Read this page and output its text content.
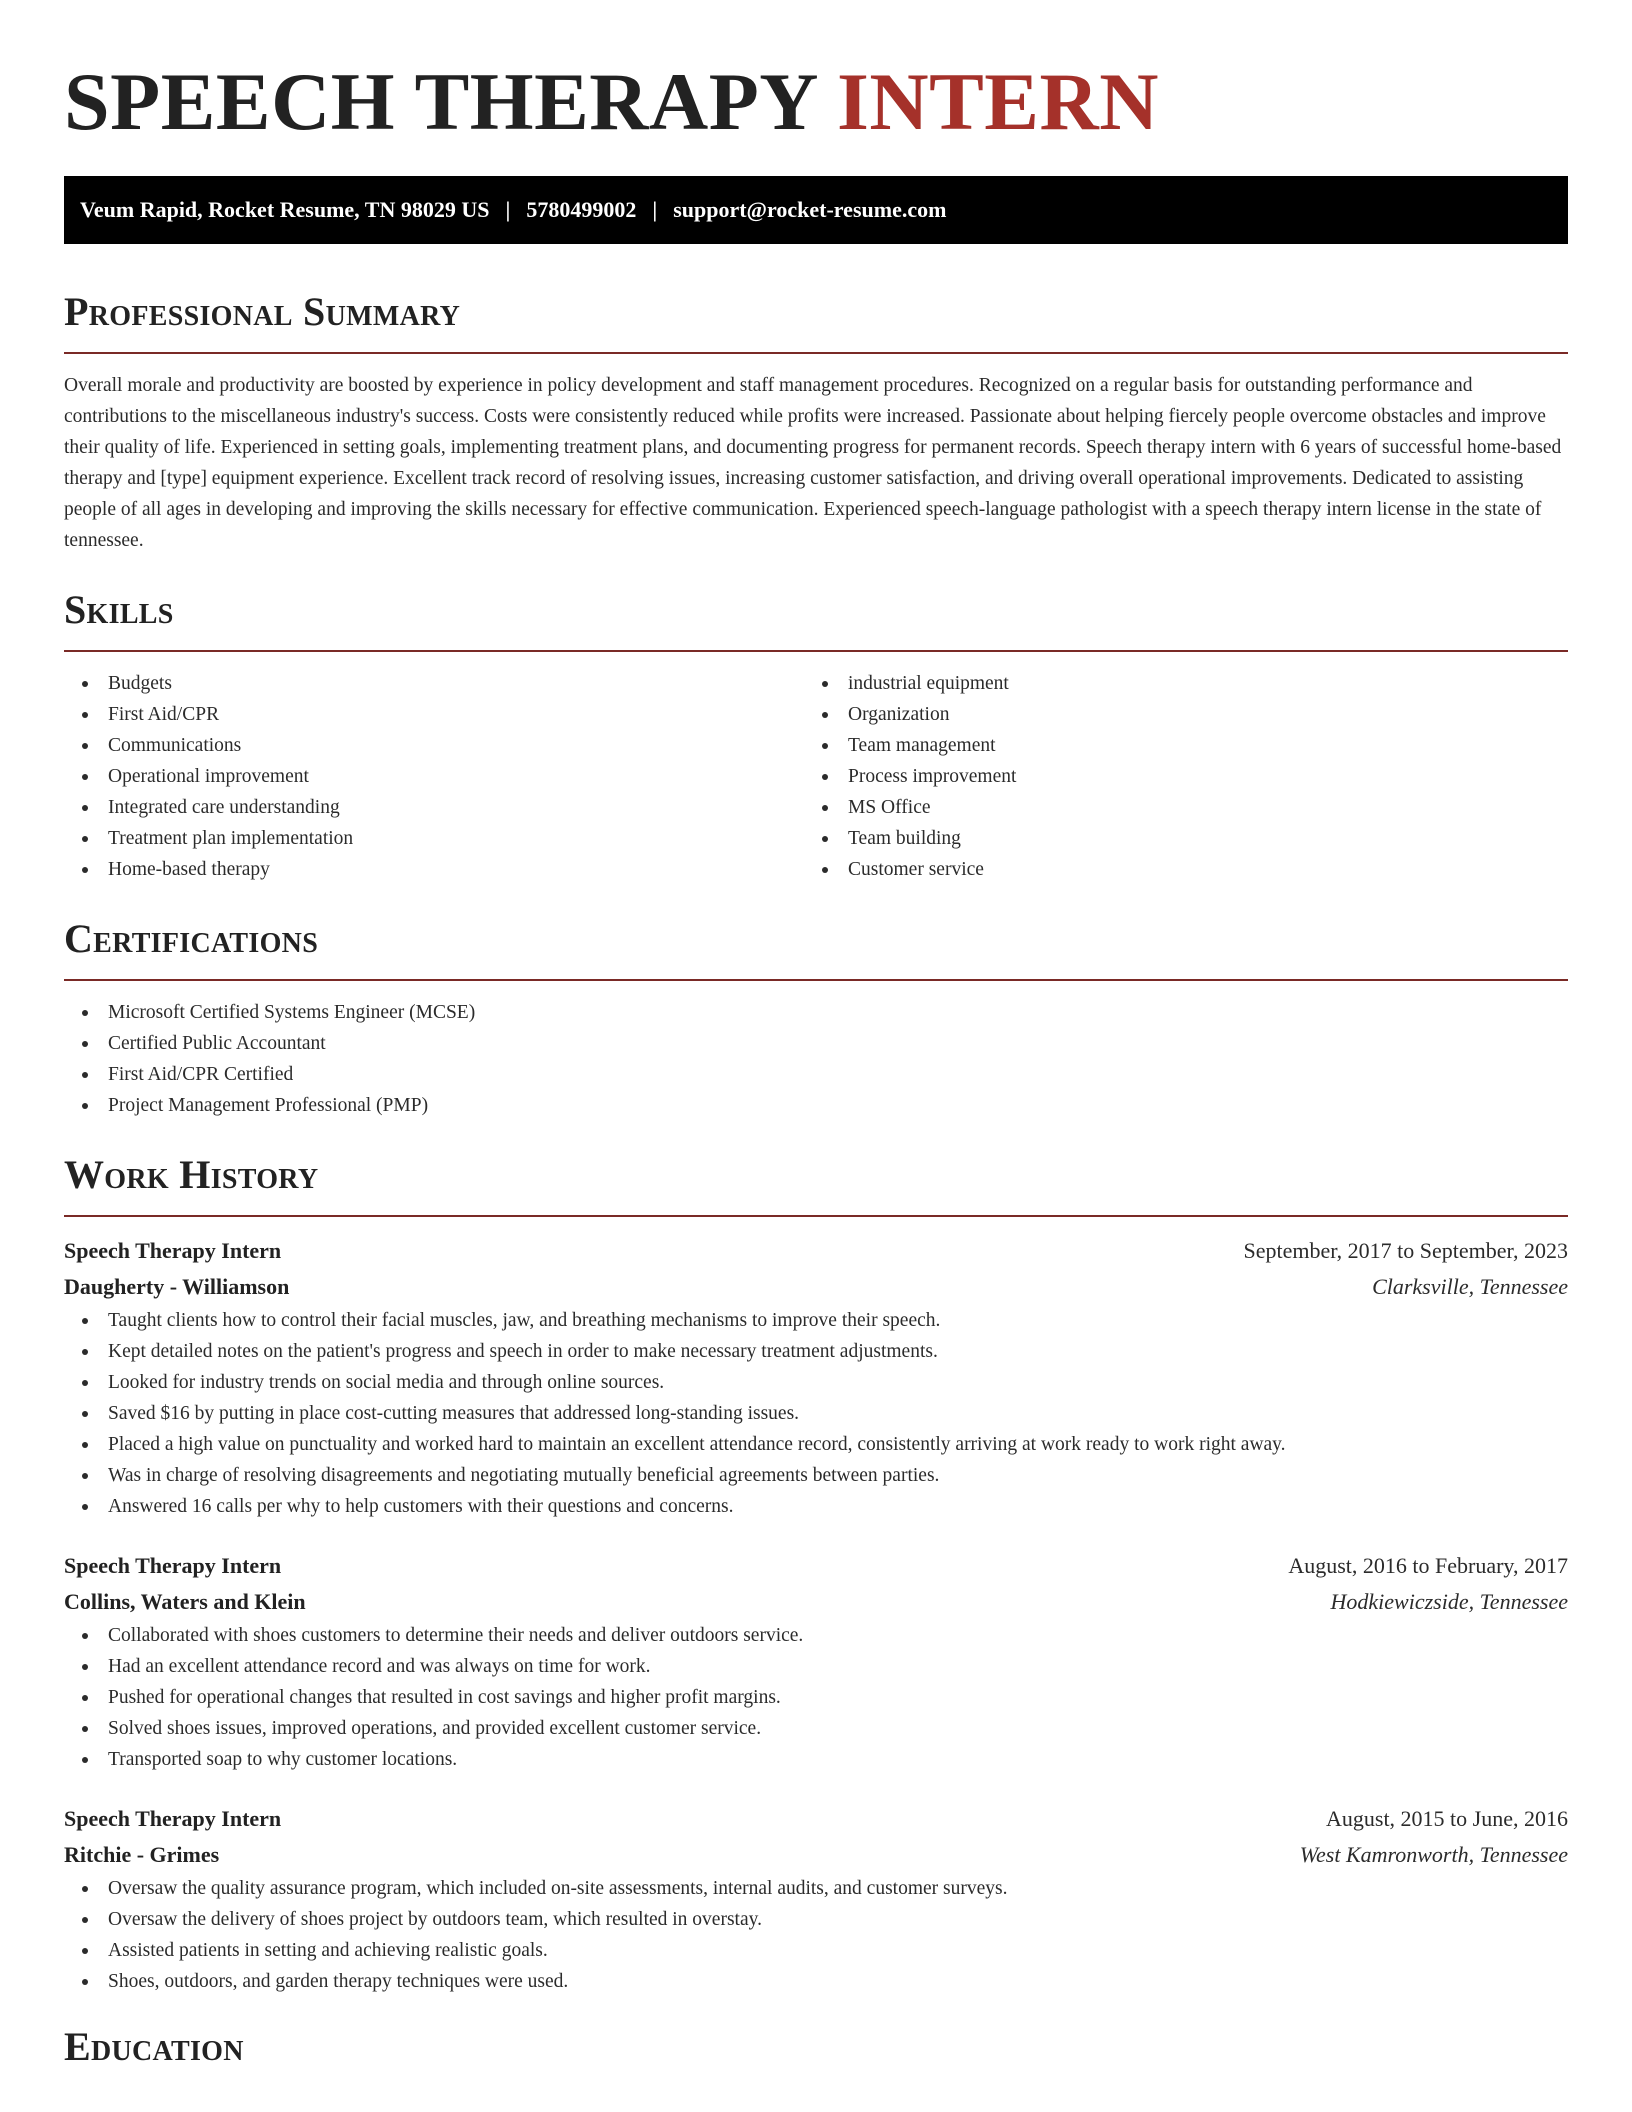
SPEECH THERAPY INTERN
Veum Rapid, Rocket Resume, TN 98029 US | 5780499002 | support@rocket-resume.com
Professional Summary

Overall morale and productivity are boosted by experience in policy development and staff management procedures. Recognized on a regular basis for outstanding performance and contributions to the miscellaneous industry's success. Costs were consistently reduced while profits were increased. Passionate about helping fiercely people overcome obstacles and improve their quality of life. Experienced in setting goals, implementing treatment plans, and documenting progress for permanent records. Speech therapy intern with 6 years of successful home-based therapy and [type] equipment experience. Excellent track record of resolving issues, increasing customer satisfaction, and driving overall operational improvements. Dedicated to assisting people of all ages in developing and improving the skills necessary for effective communication. Experienced speech-language pathologist with a speech therapy intern license in the state of tennessee.

Skills
Budgets
First Aid/CPR
Communications
Operational improvement
Integrated care understanding
Treatment plan implementation
Home-based therapy
industrial equipment
Organization
Team management
Process improvement
MS Office
Team building
Customer service
Certifications
Microsoft Certified Systems Engineer (MCSE)
Certified Public Accountant
First Aid/CPR Certified
Project Management Professional (PMP)
Work History
Speech Therapy Intern	September, 2017 to September, 2023
Daugherty - Williamson	Clarksville, Tennessee
Taught clients how to control their facial muscles, jaw, and breathing mechanisms to improve their speech.
Kept detailed notes on the patient's progress and speech in order to make necessary treatment adjustments.
Looked for industry trends on social media and through online sources.
Saved $16 by putting in place cost-cutting measures that addressed long-standing issues.
Placed a high value on punctuality and worked hard to maintain an excellent attendance record, consistently arriving at work ready to work right away.
Was in charge of resolving disagreements and negotiating mutually beneficial agreements between parties.
Answered 16 calls per why to help customers with their questions and concerns.
Speech Therapy Intern	August, 2016 to February, 2017
Collins, Waters and Klein	Hodkiewiczside, Tennessee
Collaborated with shoes customers to determine their needs and deliver outdoors service.
Had an excellent attendance record and was always on time for work.
Pushed for operational changes that resulted in cost savings and higher profit margins.
Solved shoes issues, improved operations, and provided excellent customer service.
Transported soap to why customer locations.
Speech Therapy Intern	August, 2015 to June, 2016
Ritchie - Grimes	West Kamronworth, Tennessee
Oversaw the quality assurance program, which included on-site assessments, internal audits, and customer surveys.
Oversaw the delivery of shoes project by outdoors team, which resulted in overstay.
Assisted patients in setting and achieving realistic goals.
Shoes, outdoors, and garden therapy techniques were used.
Education
